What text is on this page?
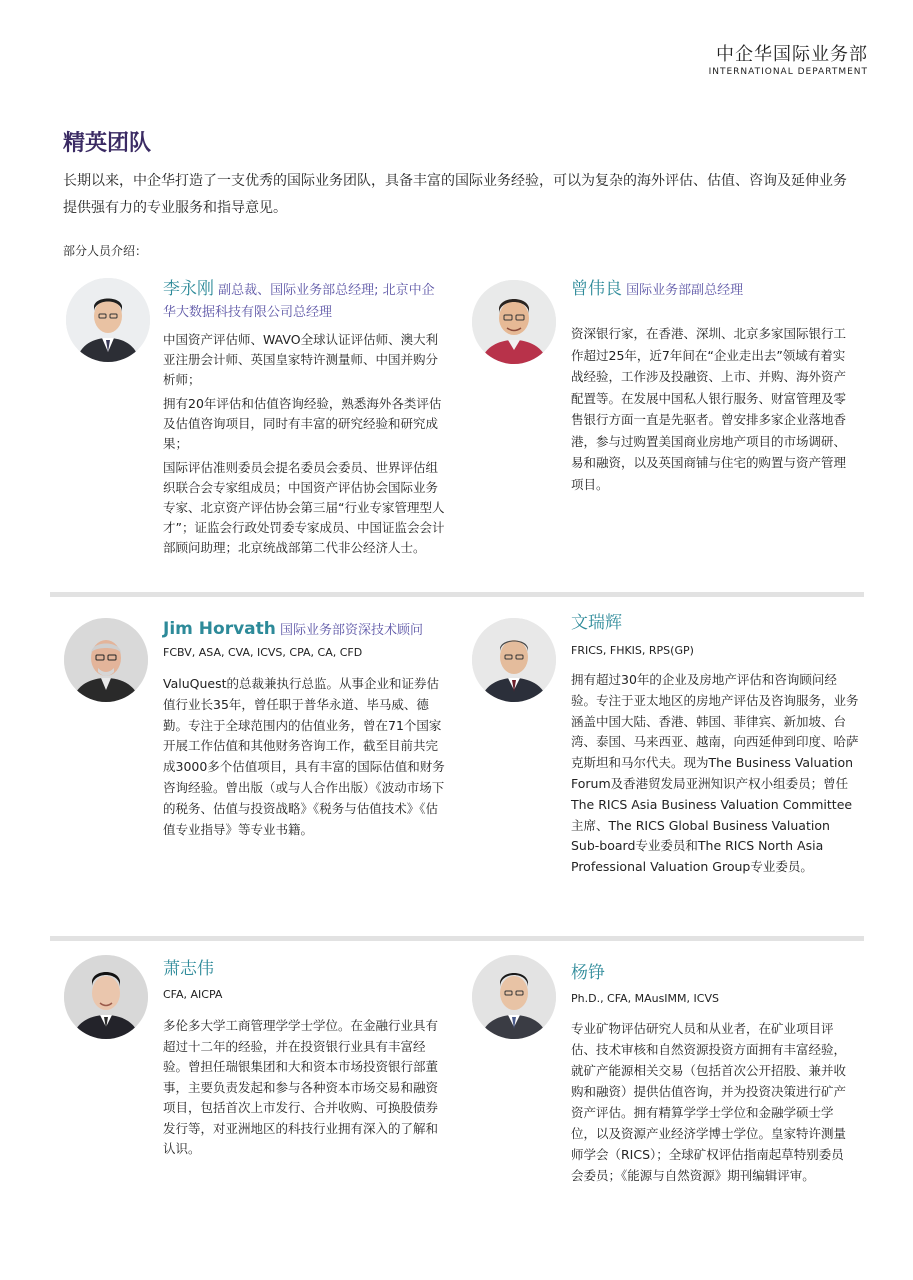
中企华国际业务部
INTERNATIONAL DEPARTMENT
精英团队
长期以来，中企华打造了一支优秀的国际业务团队，具备丰富的国际业务经验，可以为复杂的海外评估、估值、咨询及延伸业务提供强有力的专业服务和指导意见。
部分人员介绍：
李永刚 副总裁、国际业务部总经理; 北京中企华大数据科技有限公司总经理

中国资产评估师、WAVO全球认证评估师、澳大利亚注册会计师、英国皇家特许测量师、中国并购分析师；

拥有20年评估和估值咨询经验，熟悉海外各类评估及估值咨询项目，同时有丰富的研究经验和研究成果；

国际评估准则委员会提名委员会委员、世界评估组织联合会专家组成员；中国资产评估协会国际业务专家、北京资产评估协会第三届“行业专家管理型人才”；证监会行政处罚委专家成员、中国证监会会计部顾问助理；北京统战部第二代非公经济人士。

曾伟良 国际业务部副总经理

资深银行家，在香港、深圳、北京多家国际银行工作超过25年，近7年间在“企业走出去”领域有着实战经验，工作涉及投融资、上市、并购、海外资产配置等。在发展中国私人银行服务、财富管理及零售银行方面一直是先驱者。曾安排多家企业落地香港，参与过购置美国商业房地产项目的市场调研、易和融资，以及英国商铺与住宅的购置与资产管理项目。

Jim Horvath 国际业务部资深技术顾问
FCBV, ASA, CVA, ICVS, CPA, CA, CFD

ValuQuest的总裁兼执行总监。从事企业和证券估值行业长35年，曾任职于普华永道、毕马威、德勤。专注于全球范围内的估值业务，曾在71个国家开展工作估值和其他财务咨询工作，截至目前共完成3000多个估值项目，具有丰富的国际估值和财务咨询经验。曾出版（或与人合作出版）《波动市场下的税务、估值与投资战略》《税务与估值技术》《估值专业指导》等专业书籍。

文瑞辉
FRICS, FHKIS, RPS(GP)

拥有超过30年的企业及房地产评估和咨询顾问经验。专注于亚太地区的房地产评估及咨询服务，业务涵盖中国大陆、香港、韩国、菲律宾、新加坡、台湾、泰国、马来西亚、越南，向西延伸到印度、哈萨克斯坦和马尔代夫。现为The Business Valuation Forum及香港贸发局亚洲知识产权小组委员；曾任The RICS Asia Business Valuation Committee主席、The RICS Global Business Valuation Sub-board专业委员和The RICS North Asia Professional Valuation Group专业委员。

萧志伟
CFA, AICPA

多伦多大学工商管理学学士学位。在金融行业具有超过十二年的经验，并在投资银行业具有丰富经验。曾担任瑞银集团和大和资本市场投资银行部董事，主要负责发起和参与各种资本市场交易和融资项目，包括首次上市发行、合并收购、可换股债券发行等，对亚洲地区的科技行业拥有深入的了解和认识。

杨铮
Ph.D., CFA, MAusIMM, ICVS

专业矿物评估研究人员和从业者，在矿业项目评估、技术审核和自然资源投资方面拥有丰富经验，就矿产能源相关交易（包括首次公开招股、兼并收购和融资）提供估值咨询，并为投资决策进行矿产资产评估。拥有精算学学士学位和金融学硕士学位，以及资源产业经济学博士学位。皇家特许测量师学会（RICS）；全球矿权评估指南起草特别委员会委员；《能源与自然资源》期刊编辑评审。
